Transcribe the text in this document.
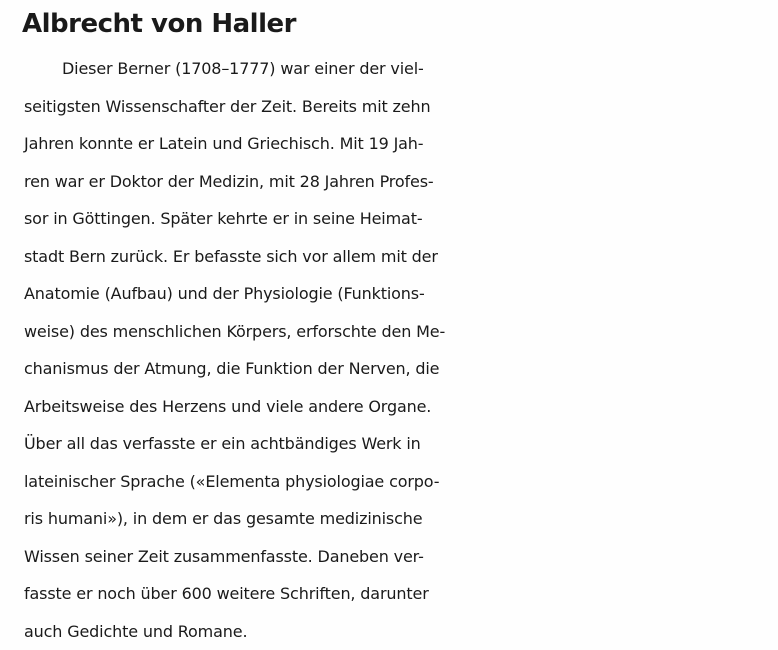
Albrecht von Haller
Dieser Berner (1708–1777) war einer der viel-
seitigsten Wissenschafter der Zeit. Bereits mit zehn
Jahren konnte er Latein und Griechisch. Mit 19 Jah-
ren war er Doktor der Medizin, mit 28 Jahren Profes-
sor in Göttingen. Später kehrte er in seine Heimat-
stadt Bern zurück. Er befasste sich vor allem mit der
Anatomie (Aufbau) und der Physiologie (Funktions-
weise) des menschlichen Körpers, erforschte den Me-
chanismus der Atmung, die Funktion der Nerven, die
Arbeitsweise des Herzens und viele andere Organe.
Über all das verfasste er ein achtbändiges Werk in
lateinischer Sprache («Elementa physiologiae corpo-
ris humani»), in dem er das gesamte medizinische
Wissen seiner Zeit zusammenfasste. Daneben ver-
fasste er noch über 600 weitere Schriften, darunter
auch Gedichte und Romane.
